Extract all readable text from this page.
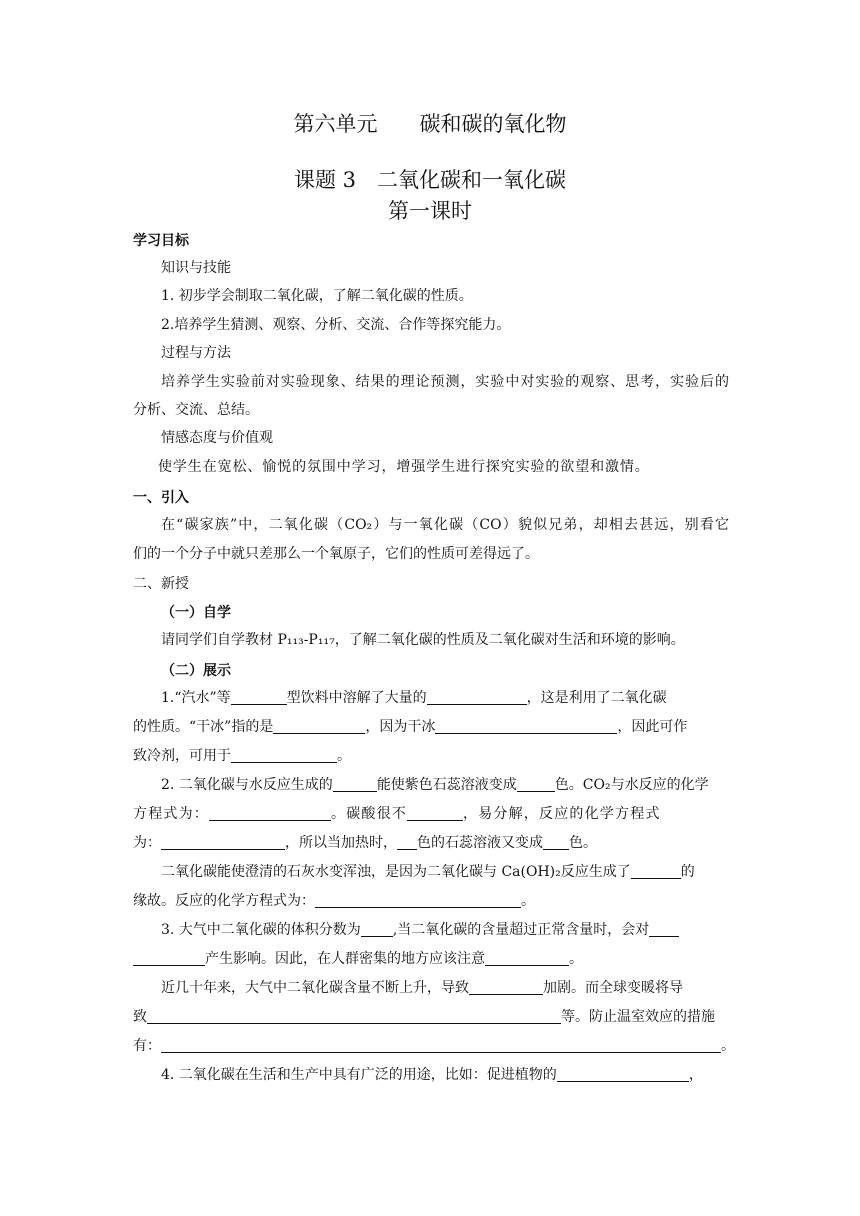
第六单元　　碳和碳的氧化物
课题 3　二氧化碳和一氧化碳
第一课时
学习目标
知识与技能
1. 初步学会制取二氧化碳，了解二氧化碳的性质。
2.培养学生猜测、观察、分析、交流、合作等探究能力。
过程与方法
培养学生实验前对实验现象、结果的理论预测，实验中对实验的观察、思考，实验后的
分析、交流、总结。
情感态度与价值观
使学生在宽松、愉悦的氛围中学习，增强学生进行探究实验的欲望和激情。
一、引入
在“碳家族”中，二氧化碳（CO₂）与一氧化碳（CO）貌似兄弟，却相去甚远，别看它
们的一个分子中就只差那么一个氧原子，它们的性质可差得远了。
二、新授
（一）自学
请同学们自学教材 P₁₁₃-P₁₁₇，了解二氧化碳的性质及二氧化碳对生活和环境的影响。
（二）展示
1.“汽水”等	型饮料中溶解了大量的	，这是利用了二氧化碳
的性质。“干冰”指的是	，因为干冰	，因此可作
致冷剂，可用于	。
2. 二氧化碳与水反应生成的	能使紫色石蕊溶液变成	色。CO₂与水反应的化学
方程式为：	。碳酸很不	，易分解，反应的化学方程式
为：	，所以当加热时， 色的石蕊溶液又变成 色。
二氧化碳能使澄清的石灰水变浑浊，是因为二氧化碳与 Ca(OH)₂反应生成了	的
缘故。反应的化学方程式为：	。
3. 大气中二氧化碳的体积分数为 ,当二氧化碳的含量超过正常含量时，会对
产生影响。因此，在人群密集的地方应该注意	。
近几十年来，大气中二氧化碳含量不断上升，导致	加剧。而全球变暖将导
致	等。防止温室效应的措施
有：	。
4. 二氧化碳在生活和生产中具有广泛的用途，比如：促进植物的	，
